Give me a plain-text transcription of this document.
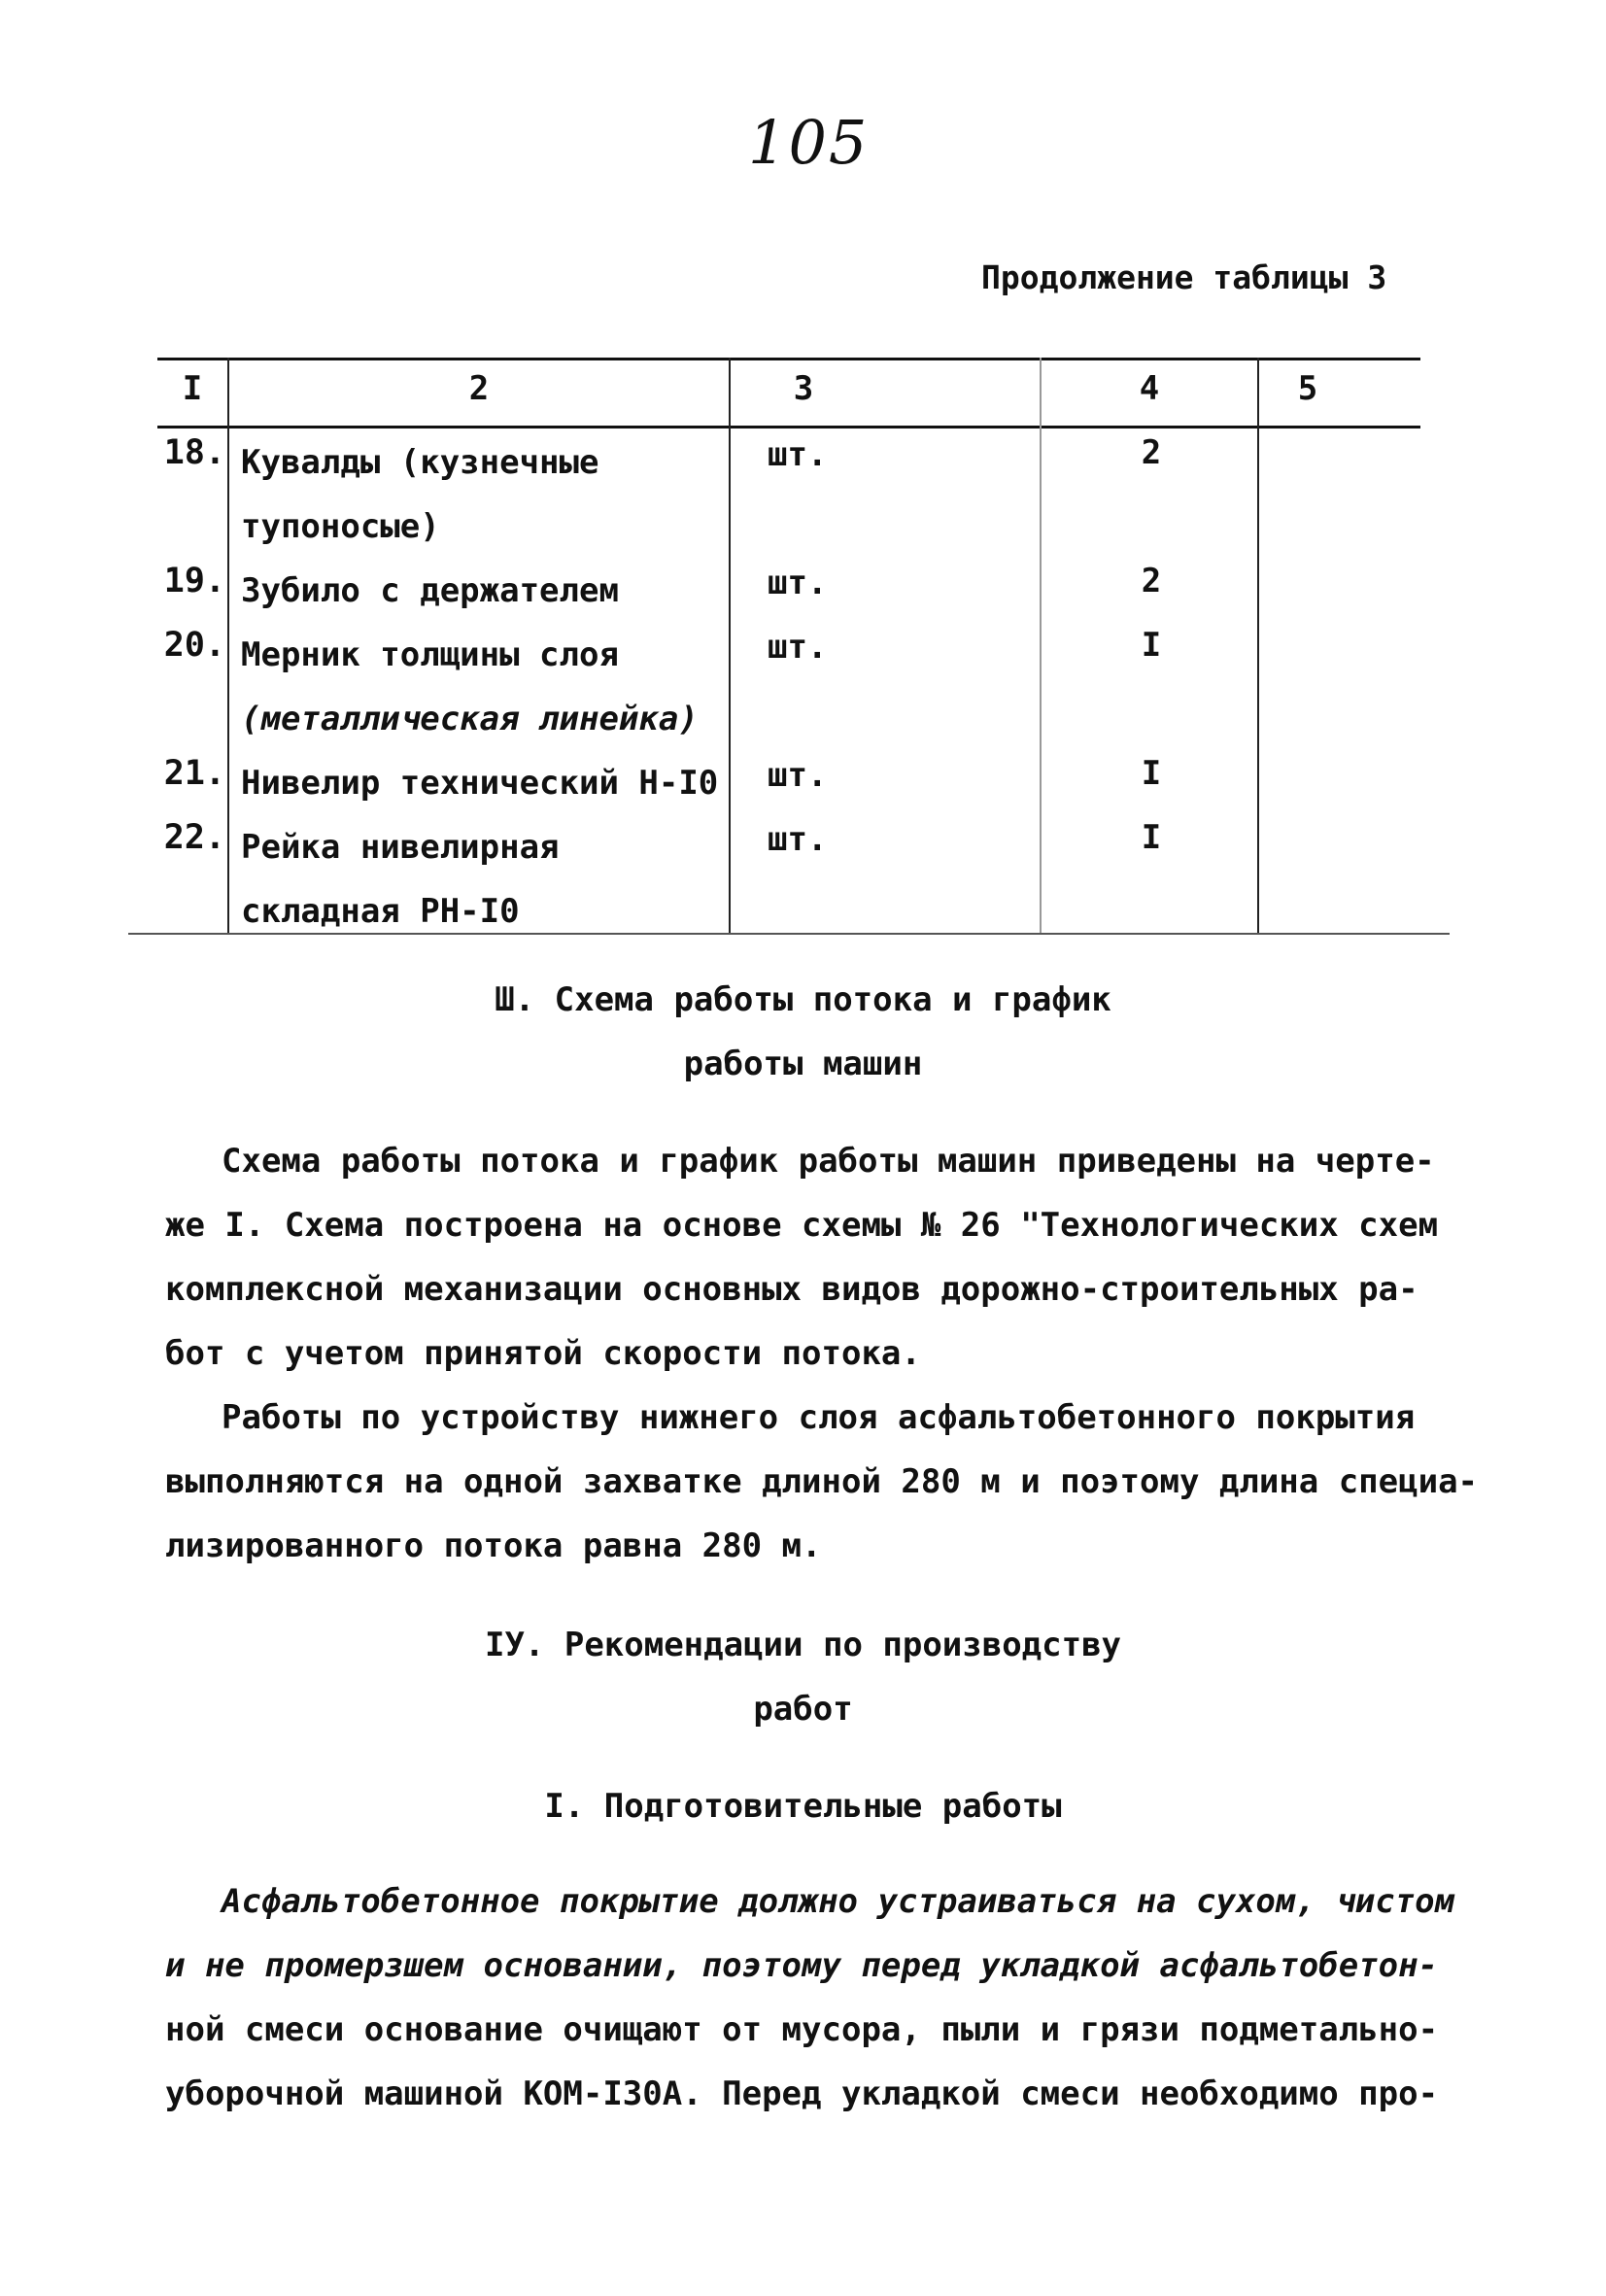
105
Продолжение таблицы 3
I	2	3	4	5
18. Кувалды (кузнечные
тупоносые)
шт.	2
19. Зубило с держателем	шт.	2
20. Мерник толщины слоя
(металлическая линейка)
шт.	I
21. Нивелир технический Н-I0 шт.	I
22. Рейка нивелирная
складная РН-I0
шт.	I
Ш. Схема работы потока и график
работы машин
Схема работы потока и график работы машин приведены на черте-
же I. Схема построена на основе схемы № 26 "Технологических схем
комплексной механизации основных видов дорожно-строительных ра-
бот с учетом принятой скорости потока.
Работы по устройству нижнего слоя асфальтобетонного покрытия
выполняются на одной захватке длиной 280 м и поэтому длина специа-
лизированного потока равна 280 м.
IУ. Рекомендации по производству
работ
I. Подготовительные работы
Асфальтобетонное покрытие должно устраиваться на сухом, чистом
и не промерзшем основании, поэтому перед укладкой асфальтобетон-
ной смеси основание очищают от мусора, пыли и грязи подметально-
уборочной машиной КОМ-I30А. Перед укладкой смеси необходимо про-
